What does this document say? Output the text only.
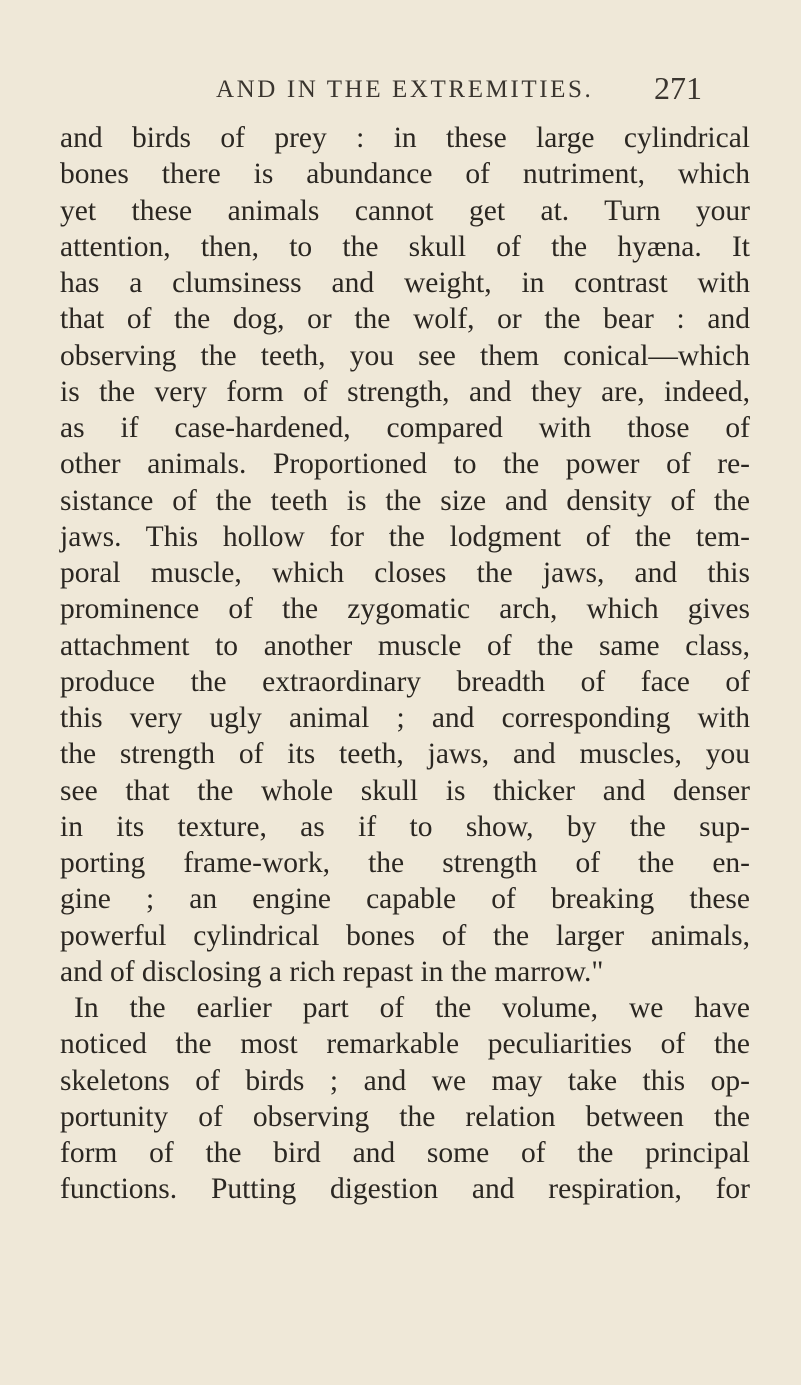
AND IN THE EXTREMITIES. 271
and birds of prey : in these large cylindrical
bones there is abundance of nutriment, which
yet these animals cannot get at. Turn your
attention, then, to the skull of the hyæna. It
has a clumsiness and weight, in contrast with
that of the dog, or the wolf, or the bear : and
observing the teeth, you see them conical—which
is the very form of strength, and they are, indeed,
as if case-hardened, compared with those of
other animals. Proportioned to the power of re-
sistance of the teeth is the size and density of the
jaws. This hollow for the lodgment of the tem-
poral muscle, which closes the jaws, and this
prominence of the zygomatic arch, which gives
attachment to another muscle of the same class,
produce the extraordinary breadth of face of
this very ugly animal ; and corresponding with
the strength of its teeth, jaws, and muscles, you
see that the whole skull is thicker and denser
in its texture, as if to show, by the sup-
porting frame-work, the strength of the en-
gine ; an engine capable of breaking these
powerful cylindrical bones of the larger animals,
and of disclosing a rich repast in the marrow."
In the earlier part of the volume, we have
noticed the most remarkable peculiarities of the
skeletons of birds ; and we may take this op-
portunity of observing the relation between the
form of the bird and some of the principal
functions. Putting digestion and respiration, for
